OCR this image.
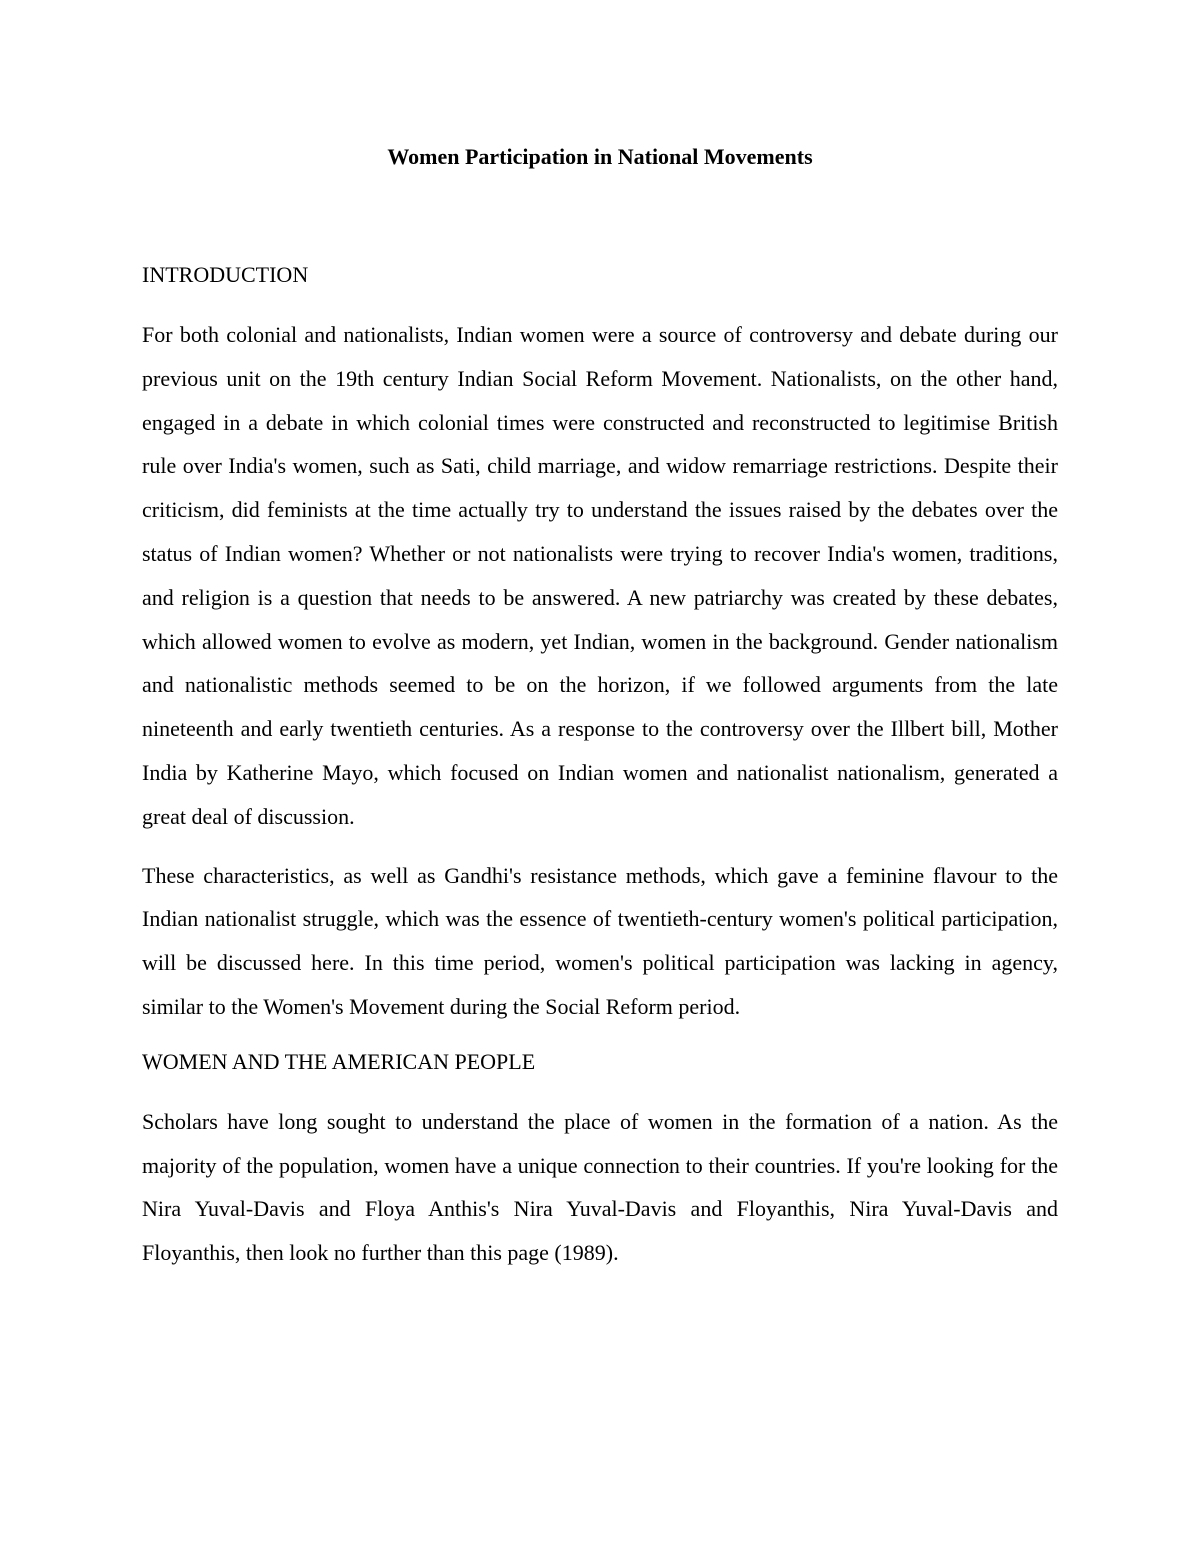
Women Participation in National Movements
INTRODUCTION

For both colonial and nationalists, Indian women were a source of controversy and debate during our previous unit on the 19th century Indian Social Reform Movement. Nationalists, on the other hand, engaged in a debate in which colonial times were constructed and reconstructed to legitimise British rule over India's women, such as Sati, child marriage, and widow remarriage restrictions. Despite their criticism, did feminists at the time actually try to understand the issues raised by the debates over the status of Indian women? Whether or not nationalists were trying to recover India's women, traditions, and religion is a question that needs to be answered. A new patriarchy was created by these debates, which allowed women to evolve as modern, yet Indian, women in the background. Gender nationalism and nationalistic methods seemed to be on the horizon, if we followed arguments from the late nineteenth and early twentieth centuries. As a response to the controversy over the Illbert bill, Mother India by Katherine Mayo, which focused on Indian women and nationalist nationalism, generated a great deal of discussion.

These characteristics, as well as Gandhi's resistance methods, which gave a feminine flavour to the Indian nationalist struggle, which was the essence of twentieth-century women's political participation, will be discussed here. In this time period, women's political participation was lacking in agency, similar to the Women's Movement during the Social Reform period.

WOMEN AND THE AMERICAN PEOPLE

Scholars have long sought to understand the place of women in the formation of a nation. As the majority of the population, women have a unique connection to their countries. If you're looking for the Nira Yuval-Davis and Floya Anthis's Nira Yuval-Davis and Floyanthis, Nira Yuval-Davis and Floyanthis, then look no further than this page (1989).
